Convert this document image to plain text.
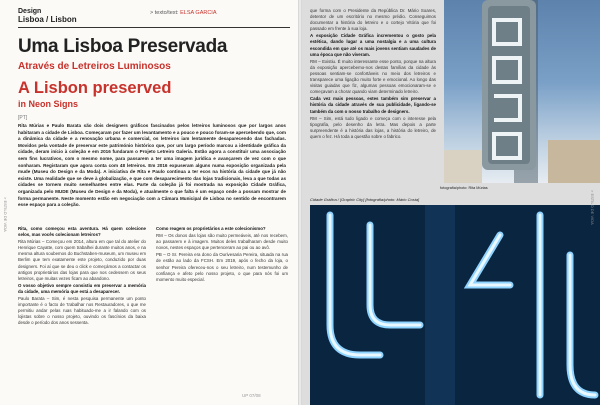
Design
Lisboa / Lisbon
> texto/text: ELSA GARCIA
Uma Lisboa Preservada
Através de Letreiros Luminosos
A Lisbon preserved
in Neon Signs
[PT]

Rita Múrias e Paulo Barata são dois designers gráficos fascinados pelos letreiros luminosos que por largos anos habitaram a cidade de Lisboa. Começaram por fazer um levantamento e a pouco e pouco foram-se apercebendo que, com a dinâmica da cidade e a renovação urbana e comercial, os letreiros iam lentamente desaparecendo das fachadas. Movidos pela vontade de preservar este património histórico que, por um largo período marcou a identidade gráfica da cidade, deram início à coleção e em 2016 fundaram o Projeto Letreiro Galeria. Estão agora a constituir uma associação sem fins lucrativos, com o mesmo nome, para passarem a ter uma imagem jurídica e avançarem de vez com o que sonharam. Registaram que agora conta com 48 letreiros. Em 2016 expuseram alguns numa exposição organizada pela mude (Museu do Design e da Moda). A iniciativa de Rita e Paulo continua a ter ecos na história da cidade que já não existe. Uma realidade que se deve à globalização, e que com desaparecimento das lojas tradicionais, leva a que todas as cidades se tornem muito semelhantes entre elas. Parte da coleção já foi mostrada na exposição Cidade Gráfica, organizada pelo MUDE (Museu de Design e da Moda), e atualmente o que falta é um espaço onde a possam mostrar de forma permanente. Neste momento estão em negociação com a Câmara Municipal de Lisboa no sentido de encontrarem esse espaço para a coleção.

Rita, como começou esta aventura. Há quem colecione selos, mas vocês colecionam letreiros?

Rita Múrias – Começou em 2014, altura em que tal do atelier do Henrique Cayatte, com quem trabalhei durante muitos anos, e na mesma altura soubemos do Buchstaben-museum, um museu em Berlim que tem exatamente este projeto, conduzido por duas designers. Foi aí que se deu o click e começámos a contactar os antigos proprietários das lojas para que nos cedessem os seus letreiros, que muitas vezes ficam ao abandono.

O vosso objetivo sempre consistiu em preservar a memória da cidade, uma memória que está a desaparecer.

Paulo Barata – Sim, é nesta pesquisa permanente um ponto importante é o facto de 'trabalhar nos Restauradores, o que me permitiu andar pelas ruas habituado-me a ir falando com os lojistas sobre o nosso projeto, ouvindo os fascínios da baixa desde o período dos anos sessenta.

Como reagem os proprietários a este colecionismo?

RM – Os donos das lojas são muito permeáveis, até nos recebem, ao passarem e à imagem. Muitos deles trabalharam desde muito novos, nestes espaços que pertenceram ao pai ou ao avô.

PB – O Sr. Pereira era dono da Ourivesaria Pereira, situada na rua de estão ao lado da FCSH. Em 2019, após o fecho da loja, o senhor Pereira ofereceu-nos o seu letreiro, num testemunho de confiança e afeto pelo nosso projeto, o que para nós foi um momento muito especial.

> ESTILO DE VIDA
UP 07/08

que forma com o Presidente da República Dr. Mário Soares, detentor de um escritório no mesmo prédio. Conseguimos documentar a história do letreiro e o cortejo Vitória que foi passado em frente à sua loja.

A exposição Cidade Gráfica incrementou o gosto pela estética, dando lugar a uma nostalgia e a uma cultura escondida em que até os mais jovens sentiam saudades de uma época que não viveram.

RM – Existiu. É muito interessante esse ponto, porque na altura da exposição apercebemo-nos destas famílias da cidade às pessoas sentiam-se confortáveis no meio dos letreiros e transparece uma ligação muito forte e emocional. Ao longo das visitas guiadas que fiz, algumas pessoas emocionaram-se e começavam a chorar quando viam determinado letreiro.

Cada vez mais pessoas, estes também sim preservar a história da cidade através de sua publicidade, ligando-se também da com o nosso trabalho de designers.

RM – Sim, está tudo ligado e começa com o interesse pela tipografia, pelo desenho da letra. Mas depois a parte surpreendente é a história das lojas, a história do letreiro, de quem o fez. Há toda a questão sobre o fabrico.

fotografia/photo: Rita Múrias
Cidade Gráfica / [Graphic City] [fotografia/photo: Mário Costa]	> ESTILO DE VIDA
